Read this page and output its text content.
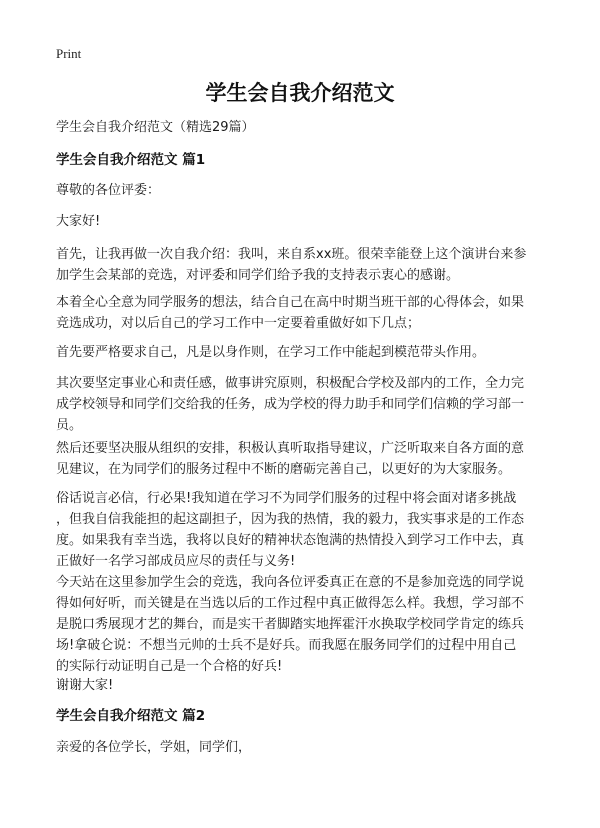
Print
学生会自我介绍范文
学生会自我介绍范文（精选29篇）
学生会自我介绍范文 篇1

尊敬的各位评委：

大家好!

首先，让我再做一次自我介绍：我叫，来自系xx班。很荣幸能登上这个演讲台来参
加学生会某部的竞选，对评委和同学们给予我的支持表示衷心的感谢。

本着全心全意为同学服务的想法，结合自己在高中时期当班干部的心得体会，如果
竞选成功，对以后自己的学习工作中一定要着重做好如下几点；

首先要严格要求自己，凡是以身作则，在学习工作中能起到模范带头作用。

其次要坚定事业心和责任感，做事讲究原则，积极配合学校及部内的工作，全力完
成学校领导和同学们交给我的任务，成为学校的得力助手和同学们信赖的学习部一
员。

然后还要坚决服从组织的安排，积极认真听取指导建议，广泛听取来自各方面的意
见建议，在为同学们的服务过程中不断的磨砺完善自己，以更好的为大家服务。

俗话说言必信，行必果!我知道在学习不为同学们服务的过程中将会面对诸多挑战
，但我自信我能担的起这副担子，因为我的热情，我的毅力，我实事求是的工作态
度。如果我有幸当选，我将以良好的精神状态饱满的热情投入到学习工作中去，真
正做好一名学习部成员应尽的责任与义务!

今天站在这里参加学生会的竞选，我向各位评委真正在意的不是参加竞选的同学说
得如何好听，而关键是在当选以后的工作过程中真正做得怎么样。我想，学习部不
是脱口秀展现才艺的舞台，而是实干者脚踏实地挥霍汗水换取学校同学肯定的练兵
场!拿破仑说：不想当元帅的士兵不是好兵。而我愿在服务同学们的过程中用自己
的实际行动证明自己是一个合格的好兵!

谢谢大家!

学生会自我介绍范文 篇2

亲爱的各位学长，学姐，同学们，
